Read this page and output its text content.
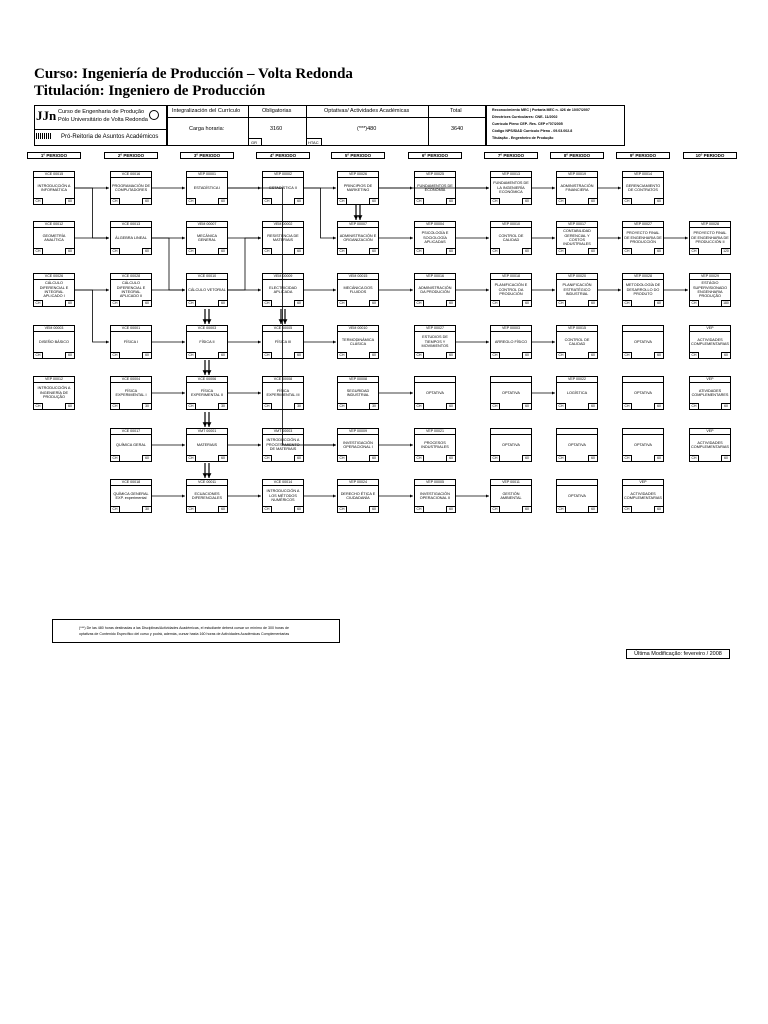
Curso: Ingeniería de Producción – Volta Redonda
Titulación: Ingeniero de Producción
JJn Curso de Engenharia de Produção
Pólo Universitário de Volta Redonda
Pró-Reitoria de Asuntos Académicos
Integralización del Currículo	Obligatorias	Optativas/ Actividades Académicas	Total
Carga horaria:	3160	(***)480	3640
GR	HTAC
Reconocimiento MEC | Portaria MEC n. 426 de 10/07/2007
Directrices Curriculares: CNE- 11/2002
Currículo Pleno CEP- Res. CEP nº07/2005
Código NPS/SIAD Currículo Pleno - 09.03.002.8
Titulação - Engenheiro de Produção
1º PERIODO	2º PERIODO	3º PERIODO	4º PERIODO	5º PERIODO	6º PERIODO	7º PERIODO	8º PERIODO	9º PERIODO	10º PERIODO
VCE 00015
INTRODUCCIÓN A INFORMÁTICA
CH	60
VCE 00012
GEOMETRÍA ANALÍTICA
CH	60
VCE 00026
CÁLCULO DIFERENCIAL E INTEGRAL APLICADO I
CH	60
VEM 00003
DISEÑO BÁSICO
CH	60
VEP 00012
INTRODUCCIÓN A INGENIERÍA DE PRODUÇÃO
CH	60
VCE 00016
PROGRAMACIÓN DE COMPUTADORES
CH	60
VCE 00013
ÁLGEBRA LINEAL
CH	60
VCE 00028
CÁLCULO DIFERENCIAL E INTEGRAL APLICADO II
CH	60
VCE 00001
FÍSICA I
CH	60
VCE 00004
FÍSICA EXPERIMENTAL I
CH	30
VCE 00017
QUÍMICA GERAL
CH	60
VCE 00018
QUÍMICA GENERAL EXP. experimental
CH	30
VEP 00001
ESTADÍSTICA I
CH	60
VEM 00007
MECÁNICA GENERAL
CH	60
VCE 00010
CÁLCULO VETORIAL
CH	60
VCE 00003
FÍSICA II
CH	60
VCE 00006
FÍSICA EXPERIMENTAL II
CH	30
VMT 00001
MATERIAIS
CH	60
VCE 00011
ECUACIONES DIFERENCIALES
CH	60
VEP 00002
ESTADÍSTICA II
CH	60
VEM 00002
RESISTENCIA DE MATERIAIS
CH	60
VEM 00009
ELECTRICIDAD APLICADA
CH	60
VCE 00005
FÍSICA III
CH	60
VCE 00008
FÍSICA EXPERIMENTAL III
CH	30
VMT 00003
INTRODUCCIÓN A PROCESAMIENTO DE MATERIAIS
CH	60
VCE 00014
INTRODUCCIÓN A LOS MÉTODOS NUMÉRICOS
CH	60
VEP 00026
PRINCIPIOS DE MARKETING
CH	60
VEP 00007
ADMINISTRACIÓN E ORGANIZACIÓN
CH	60
VEM 00015
MECÁNICA DOS FLUIDOS
CH	60
VEM 00010
TERMODINÁMICA CLÁSICA
CH	60
VEP 00008
SEGURIDAD INDUSTRIAL
CH	30
VEP 00009
INVESTIGACIÓN OPERACIONAL I
CH	60
VEP 00024
DERECHO ÉTICA E CIUDADANÍA
CH	60
VEP 00025
FUNDAMENTOS DE ECONOMÍA
CH	60
VEP 00004
PSICOLOGÍA E SOCIOLOGÍA APLICADAS
CH	60
VEP 00016
ADMINISTRACIÓN DA PRODUCIÓN
CH	60
VEP 00027
ESTUDIOS DE TIEMPOS Y MOVIMIENTOS
CH	60
OPTATIVA
CH	60
VEP 00021
PROCESOS INDUSTRIALES
CH	60
VEP 00005
INVESTIGACIÓN OPERACIONAL II
CH	60
VEP 00013
FUNDAMENTOS DE LA INGENIERÍA ECONÓMICA
CH	60
VEP 00010
CONTROL DE CALIDAD
CH	60
VEP 00018
PLANIFICACIÓN E CONTROL DA PRODUCIÓN
CH	60
VEP 00003
ARREGLO FÍSICO
CH	60
OPTATIVA
CH	60
OPTATIVA
CH	60
VEP 00011
GESTIÓN AMBIENTAL
CH	60
VEP 00019
ADMINISTRACIÓN FINANCIERA
CH	60
VEP 00017
CONTABILIDAD GERENCIAL Y COSTOS INDUSTRIALES
CH	60
VEP 00020
PLANIFICACIÓN ESTRATÉGICO INDUSTRIAL
CH	60
VEP 00015
CONTROL DE CALIDAD
CH	60
VEP 00022
LOGÍSTICA
CH	60
OPTATIVA
CH	60
OPTATIVA
CH	60
VEP 00014
GERENCIAMIENTO DE CONTRATOS
CH	60
VEP 00027
PROYECTO FINAL DE ENGENHARIA DE PRODUCCIÓN
CH	60
VEP 00028
METODOLOGÍA DE DESARROLLO DO PRODUTO
CH	60
OPTATIVA
CH	60
OPTATIVA
CH	60
OPTATIVA
CH	60
VEP
ACTIVIDADES COMPLEMENTARIAS
CH	60
VEP 00028
PROYECTO FINAL DE ENGENHARIA DE PRODUCCIÓN II
CH	120
VEP 00029
ESTÁGIO SUPERVISIONADO ENGENHARIA PRODUÇÃO
CH	180
VEP
ACTIVIDADES COMPLEMENTARIAS
CH	60
VEP
ATIVIDADES COMPLEMENTARES
CH	60
VEP
ACTIVIDADES COMPLEMENTARIAS
CH	60
(***) De las 480 horas destinadas a las Disciplinas/Actividades Académicas, el estudiante deberá cursar un mínimo de 300 horas de
optativas de Contenido Específico del curso y podrá, además, cursar hasta 160 horas de Actividades Académicas Complementarias
Última Modificação: fevereiro / 2008
